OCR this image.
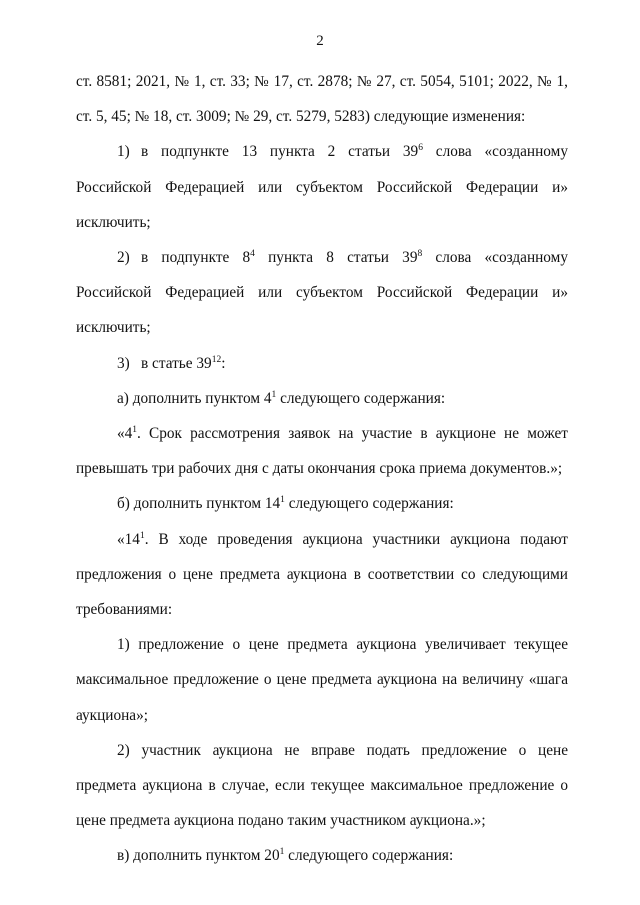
2

ст. 8581; 2021, № 1, ст. 33; № 17, ст. 2878; № 27, ст. 5054, 5101; 2022, № 1, ст. 5, 45; № 18, ст. 3009; № 29, ст. 5279, 5283) следующие изменения:

1) в подпункте 13 пункта 2 статьи $39^6$ слова «созданному Российской Федерацией или субъектом Российской Федерации и» исключить;

2) в подпункте $8^4$ пункта 8 статьи $39^8$ слова «созданному Российской Федерацией или субъектом Российской Федерации и» исключить;

3) в статье $39^{12}$:

а) дополнить пунктом $4^1$ следующего содержания:

«$4^1$. Срок рассмотрения заявок на участие в аукционе не может превышать три рабочих дня с даты окончания срока приема документов.»;

б) дополнить пунктом $14^1$ следующего содержания:

«$14^1$. В ходе проведения аукциона участники аукциона подают предложения о цене предмета аукциона в соответствии со следующими требованиями:

1) предложение о цене предмета аукциона увеличивает текущее максимальное предложение о цене предмета аукциона на величину «шага аукциона»;

2) участник аукциона не вправе подать предложение о цене предмета аукциона в случае, если текущее максимальное предложение о цене предмета аукциона подано таким участником аукциона.»;

в) дополнить пунктом $20^1$ следующего содержания:
